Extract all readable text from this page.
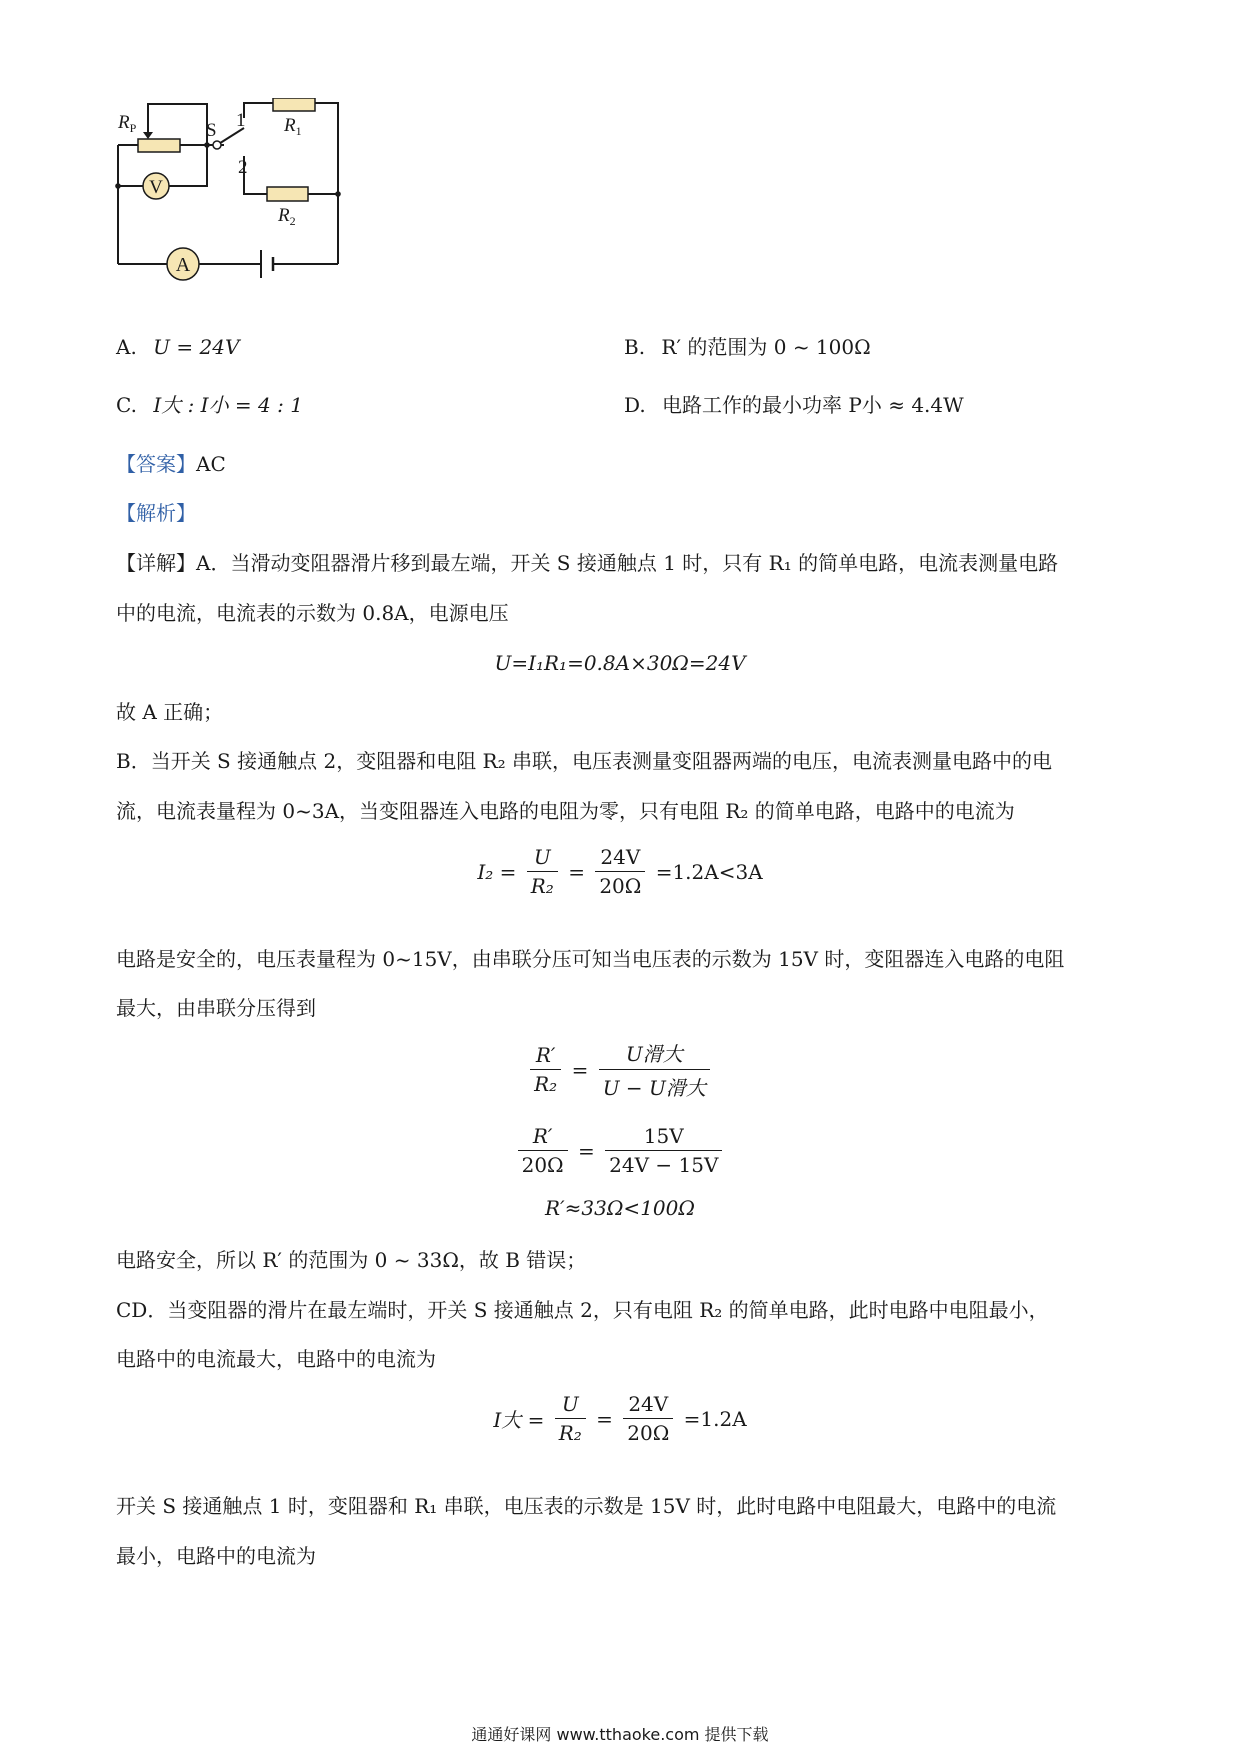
V
A
$R_P$	S 1
2
$R_1$
$R_2$
A. U = 24V	B. R′ 的范围为 0 ~ 100Ω
C. I大 : I小 = 4 : 1	D. 电路工作的最小功率 P小 ≈ 4.4W
【答案】AC
【解析】
【详解】A．当滑动变阻器滑片移到最左端，开关 S 接通触点 1 时，只有 R₁ 的简单电路，电流表测量电路
中的电流，电流表的示数为 0.8A，电源电压
U=I₁R₁=0.8A×30Ω=24V
故 A 正确；
B．当开关 S 接通触点 2，变阻器和电阻 R₂ 串联，电压表测量变阻器两端的电压，电流表测量电路中的电
流，电流表量程为 0~3A，当变阻器连入电路的电阻为零，只有电阻 R₂ 的简单电路，电路中的电流为
$I_2 = \frac{U}{\text{R₂}} = \frac{24V}{20\Omega} =1.2A<3A$
电路是安全的，电压表量程为 0~15V，由串联分压可知当电压表的示数为 15V 时，变阻器连入电路的电阻
最大，由串联分压得到
$\frac{R'}{\text{R₂}} = \frac{\text{U滑大}}{\text{U − U滑大}}$
$\frac{R'}{20\Omega} = \frac{15V}{24V - 15V}$
R′≈33Ω<100Ω
电路安全，所以 R′ 的范围为 0 ~ 33Ω，故 B 错误；
CD．当变阻器的滑片在最左端时，开关 S 接通触点 2，只有电阻 R₂ 的简单电路，此时电路中电阻最小，
电路中的电流最大，电路中的电流为
I大 = $\frac{U}{\text{R₂}} = \frac{24V}{20\Omega} =1.2A$
开关 S 接通触点 1 时，变阻器和 R₁ 串联，电压表的示数是 15V 时，此时电路中电阻最大，电路中的电流
最小，电路中的电流为
通通好课网 www.tthaoke.com 提供下载
